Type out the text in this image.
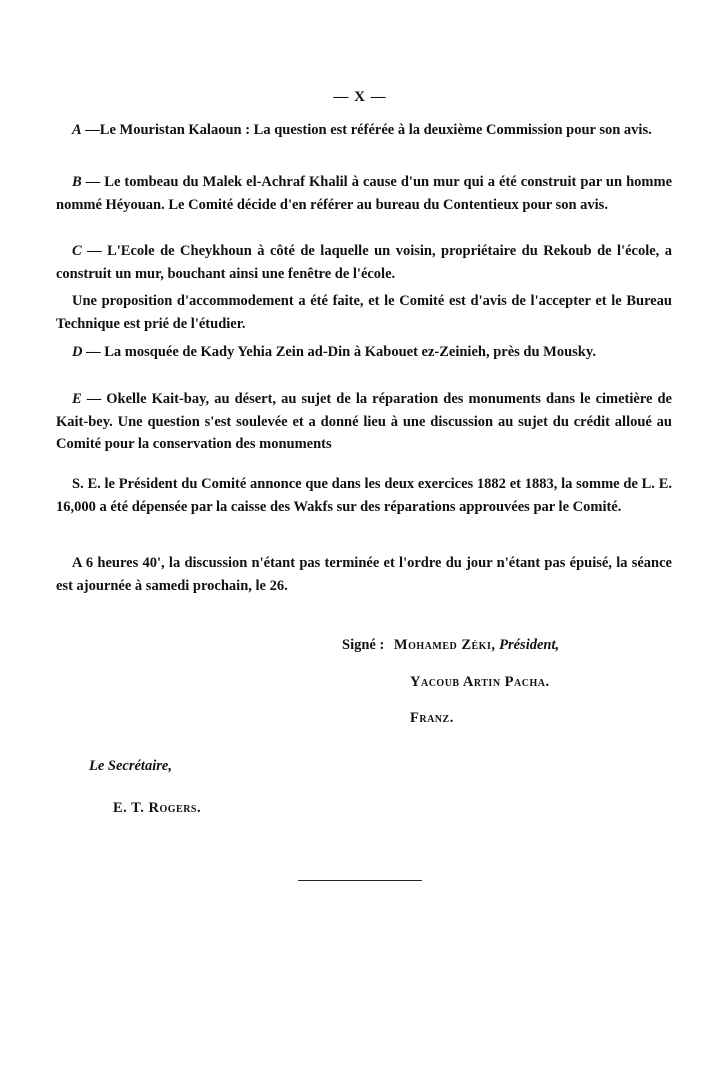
— X —

A —Le Mouristan Kalaoun : La question est référée à la deuxième Commission pour son avis.

B — Le tombeau du Malek el-Achraf Khalil à cause d'un mur qui a été construit par un homme nommé Héyouan. Le Comité décide d'en référer au bureau du Contentieux pour son avis.

C — L'Ecole de Cheykhoun à côté de laquelle un voisin, propriétaire du Rekoub de l'école, a construit un mur, bouchant ainsi une fenêtre de l'école.

Une proposition d'accommodement a été faite, et le Comité est d'avis de l'accepter et le Bureau Technique est prié de l'étudier.

D — La mosquée de Kady Yehia Zein ad-Din à Kabouet ez-Zeinieh, près du Mousky.

E — Okelle Kait-bay, au désert, au sujet de la réparation des monuments dans le cimetière de Kait-bey. Une question s'est soulevée et a donné lieu à une discussion au sujet du crédit alloué au Comité pour la conservation des monuments

S. E. le Président du Comité annonce que dans les deux exercices 1882 et 1883, la somme de L. E. 16,000 a été dépensée par la caisse des Wakfs sur des réparations approuvées par le Comité.

A 6 heures 40', la discussion n'étant pas terminée et l'ordre du jour n'étant pas épuisé, la séance est ajournée à samedi prochain, le 26.

Signé : Mohamed Zéki, Président,
Yacoub Artin Pacha.
Franz.
Le Secrétaire,
E. T. Rogers.
